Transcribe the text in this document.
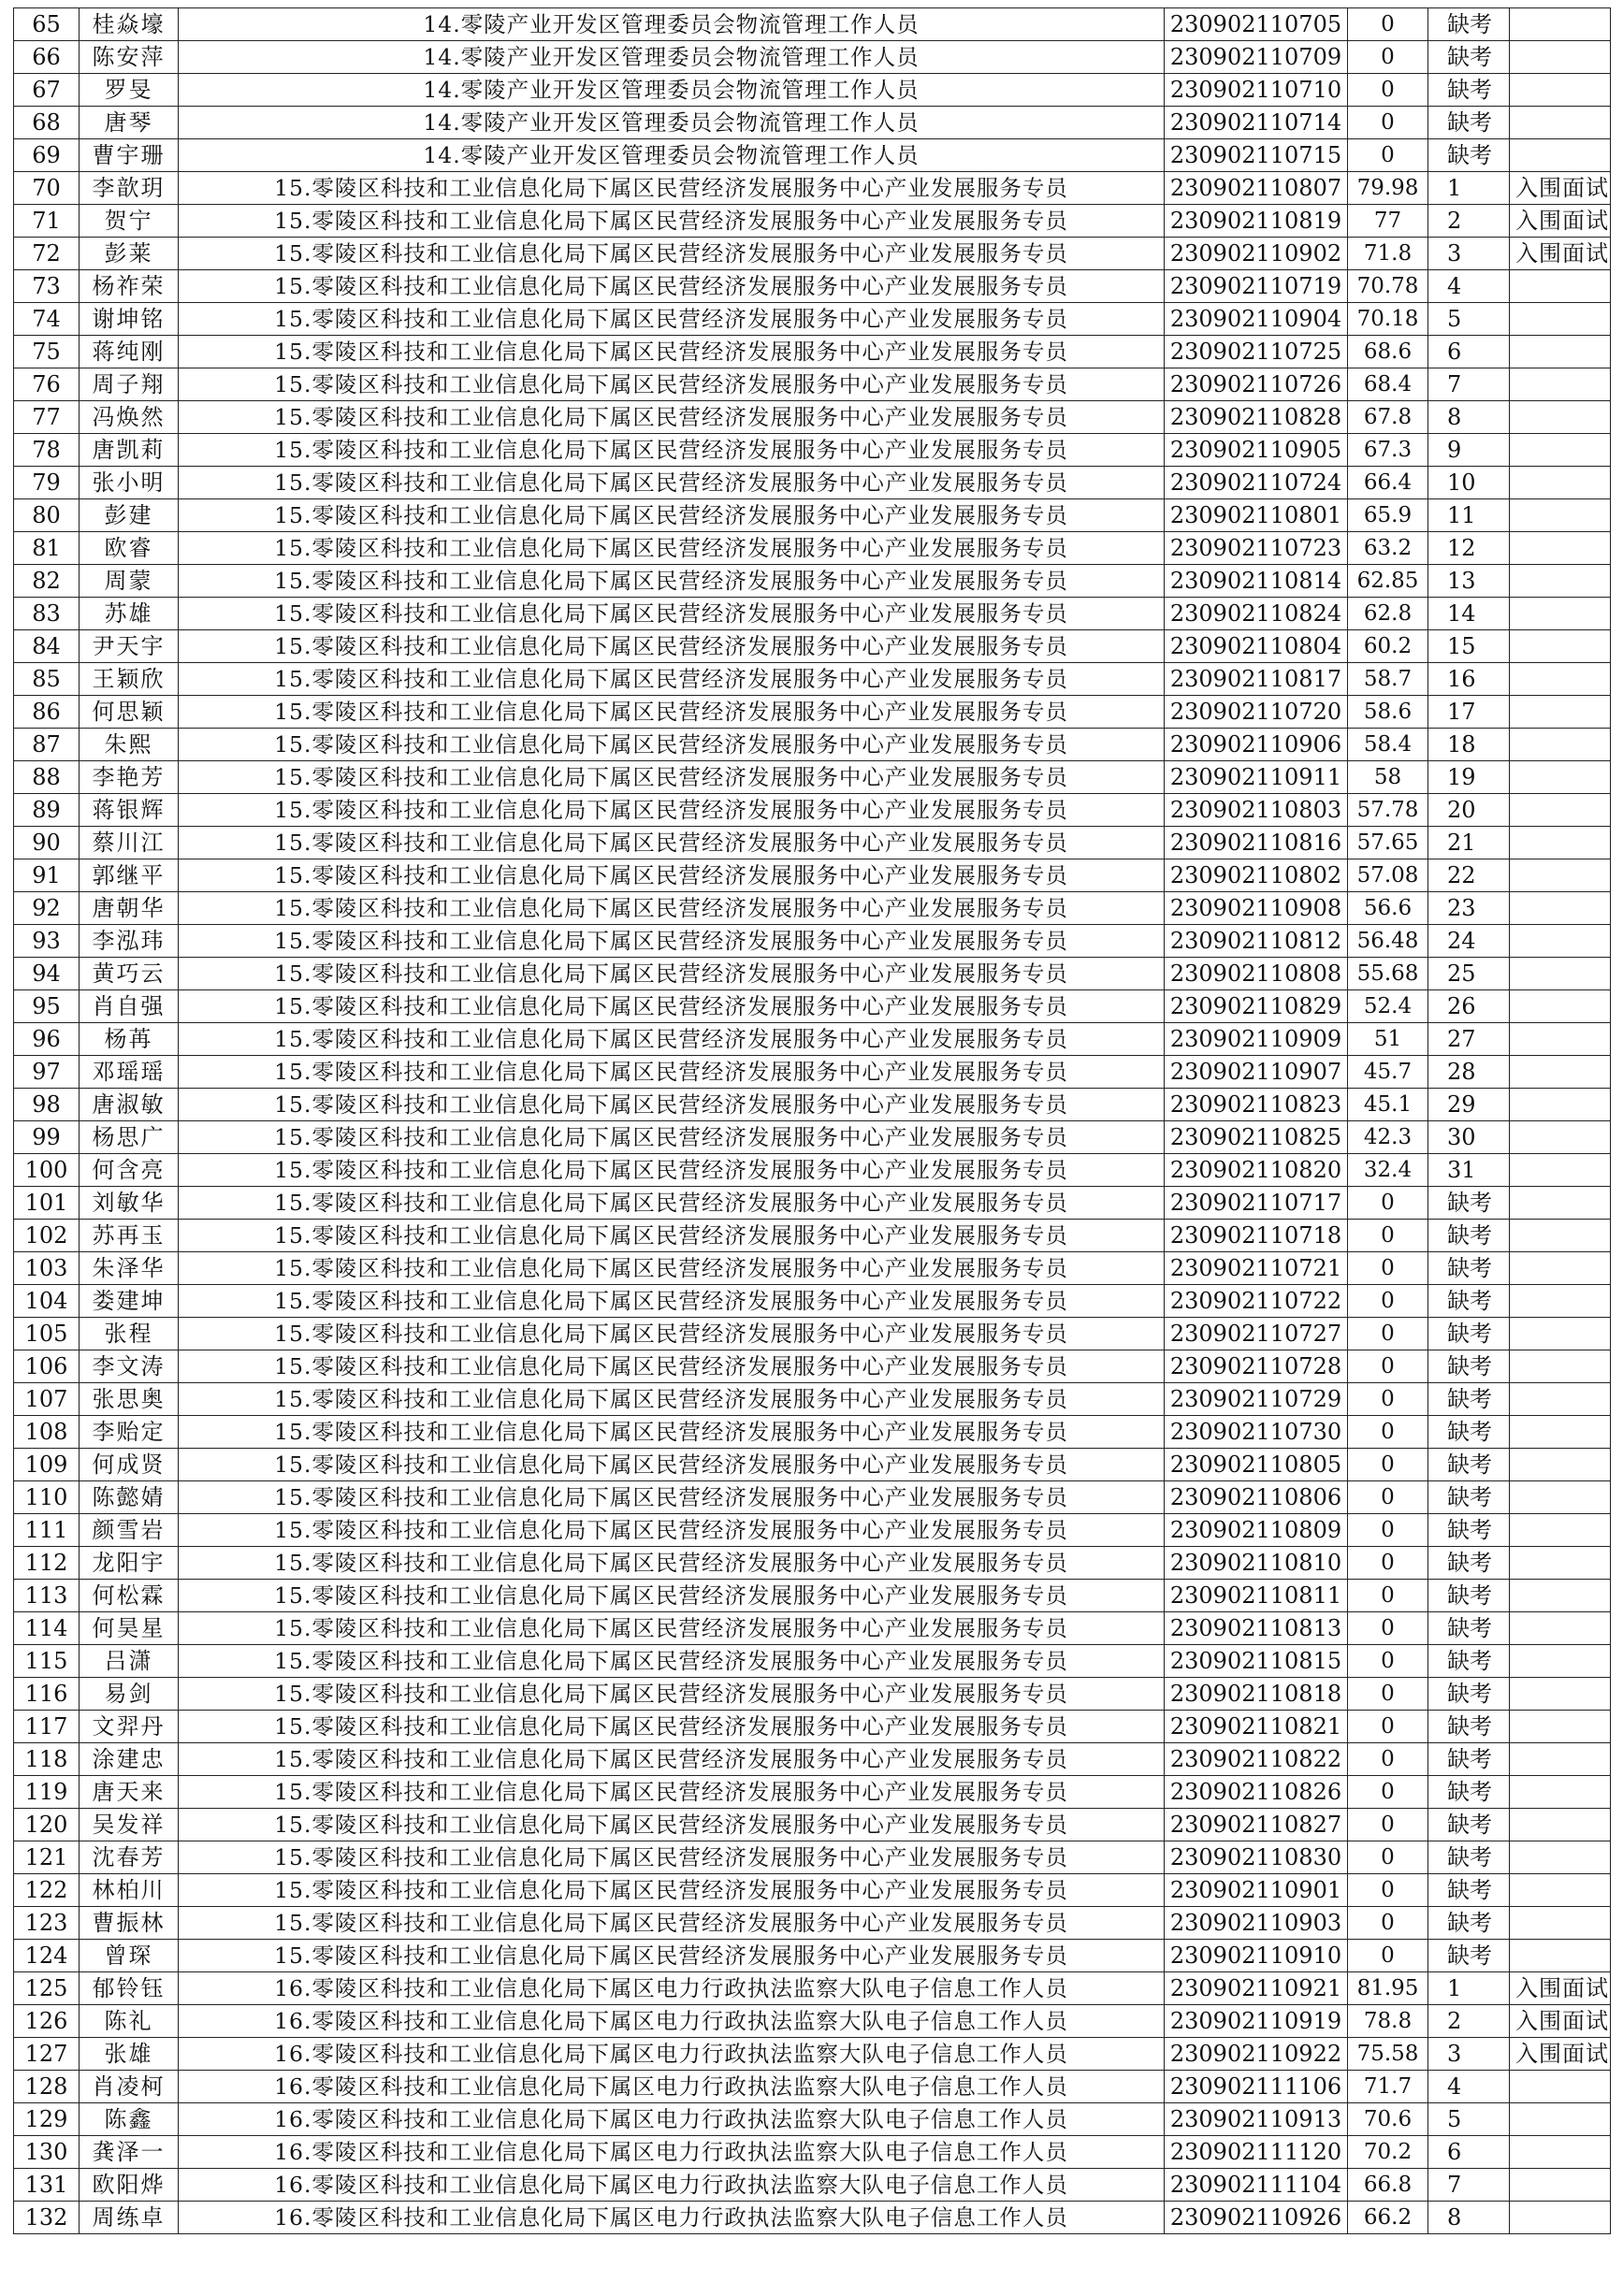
65	桂焱壕	14.零陵产业开发区管理委员会物流管理工作人员	230902110705	0	缺考	
66	陈安萍	14.零陵产业开发区管理委员会物流管理工作人员	230902110709	0	缺考	
67	罗旻	14.零陵产业开发区管理委员会物流管理工作人员	230902110710	0	缺考	
68	唐琴	14.零陵产业开发区管理委员会物流管理工作人员	230902110714	0	缺考	
69	曹宇珊	14.零陵产业开发区管理委员会物流管理工作人员	230902110715	0	缺考	
70	李歆玥	15.零陵区科技和工业信息化局下属区民营经济发展服务中心产业发展服务专员	230902110807	79.98	1	入围面试
71	贺宁	15.零陵区科技和工业信息化局下属区民营经济发展服务中心产业发展服务专员	230902110819	77	2	入围面试
72	彭莱	15.零陵区科技和工业信息化局下属区民营经济发展服务中心产业发展服务专员	230902110902	71.8	3	入围面试
73	杨祚荣	15.零陵区科技和工业信息化局下属区民营经济发展服务中心产业发展服务专员	230902110719	70.78	4	
74	谢坤铭	15.零陵区科技和工业信息化局下属区民营经济发展服务中心产业发展服务专员	230902110904	70.18	5	
75	蒋纯刚	15.零陵区科技和工业信息化局下属区民营经济发展服务中心产业发展服务专员	230902110725	68.6	6	
76	周子翔	15.零陵区科技和工业信息化局下属区民营经济发展服务中心产业发展服务专员	230902110726	68.4	7	
77	冯焕然	15.零陵区科技和工业信息化局下属区民营经济发展服务中心产业发展服务专员	230902110828	67.8	8	
78	唐凯莉	15.零陵区科技和工业信息化局下属区民营经济发展服务中心产业发展服务专员	230902110905	67.3	9	
79	张小明	15.零陵区科技和工业信息化局下属区民营经济发展服务中心产业发展服务专员	230902110724	66.4	10	
80	彭建	15.零陵区科技和工业信息化局下属区民营经济发展服务中心产业发展服务专员	230902110801	65.9	11	
81	欧睿	15.零陵区科技和工业信息化局下属区民营经济发展服务中心产业发展服务专员	230902110723	63.2	12	
82	周蒙	15.零陵区科技和工业信息化局下属区民营经济发展服务中心产业发展服务专员	230902110814	62.85	13	
83	苏雄	15.零陵区科技和工业信息化局下属区民营经济发展服务中心产业发展服务专员	230902110824	62.8	14	
84	尹天宇	15.零陵区科技和工业信息化局下属区民营经济发展服务中心产业发展服务专员	230902110804	60.2	15	
85	王颖欣	15.零陵区科技和工业信息化局下属区民营经济发展服务中心产业发展服务专员	230902110817	58.7	16	
86	何思颖	15.零陵区科技和工业信息化局下属区民营经济发展服务中心产业发展服务专员	230902110720	58.6	17	
87	朱熙	15.零陵区科技和工业信息化局下属区民营经济发展服务中心产业发展服务专员	230902110906	58.4	18	
88	李艳芳	15.零陵区科技和工业信息化局下属区民营经济发展服务中心产业发展服务专员	230902110911	58	19	
89	蒋银辉	15.零陵区科技和工业信息化局下属区民营经济发展服务中心产业发展服务专员	230902110803	57.78	20	
90	蔡川江	15.零陵区科技和工业信息化局下属区民营经济发展服务中心产业发展服务专员	230902110816	57.65	21	
91	郭继平	15.零陵区科技和工业信息化局下属区民营经济发展服务中心产业发展服务专员	230902110802	57.08	22	
92	唐朝华	15.零陵区科技和工业信息化局下属区民营经济发展服务中心产业发展服务专员	230902110908	56.6	23	
93	李泓玮	15.零陵区科技和工业信息化局下属区民营经济发展服务中心产业发展服务专员	230902110812	56.48	24	
94	黄巧云	15.零陵区科技和工业信息化局下属区民营经济发展服务中心产业发展服务专员	230902110808	55.68	25	
95	肖自强	15.零陵区科技和工业信息化局下属区民营经济发展服务中心产业发展服务专员	230902110829	52.4	26	
96	杨苒	15.零陵区科技和工业信息化局下属区民营经济发展服务中心产业发展服务专员	230902110909	51	27	
97	邓瑶瑶	15.零陵区科技和工业信息化局下属区民营经济发展服务中心产业发展服务专员	230902110907	45.7	28	
98	唐淑敏	15.零陵区科技和工业信息化局下属区民营经济发展服务中心产业发展服务专员	230902110823	45.1	29	
99	杨思广	15.零陵区科技和工业信息化局下属区民营经济发展服务中心产业发展服务专员	230902110825	42.3	30	
100	何含亮	15.零陵区科技和工业信息化局下属区民营经济发展服务中心产业发展服务专员	230902110820	32.4	31	
101	刘敏华	15.零陵区科技和工业信息化局下属区民营经济发展服务中心产业发展服务专员	230902110717	0	缺考	
102	苏再玉	15.零陵区科技和工业信息化局下属区民营经济发展服务中心产业发展服务专员	230902110718	0	缺考	
103	朱泽华	15.零陵区科技和工业信息化局下属区民营经济发展服务中心产业发展服务专员	230902110721	0	缺考	
104	娄建坤	15.零陵区科技和工业信息化局下属区民营经济发展服务中心产业发展服务专员	230902110722	0	缺考	
105	张程	15.零陵区科技和工业信息化局下属区民营经济发展服务中心产业发展服务专员	230902110727	0	缺考	
106	李文涛	15.零陵区科技和工业信息化局下属区民营经济发展服务中心产业发展服务专员	230902110728	0	缺考	
107	张思奥	15.零陵区科技和工业信息化局下属区民营经济发展服务中心产业发展服务专员	230902110729	0	缺考	
108	李贻定	15.零陵区科技和工业信息化局下属区民营经济发展服务中心产业发展服务专员	230902110730	0	缺考	
109	何成贤	15.零陵区科技和工业信息化局下属区民营经济发展服务中心产业发展服务专员	230902110805	0	缺考	
110	陈懿婧	15.零陵区科技和工业信息化局下属区民营经济发展服务中心产业发展服务专员	230902110806	0	缺考	
111	颜雪岩	15.零陵区科技和工业信息化局下属区民营经济发展服务中心产业发展服务专员	230902110809	0	缺考	
112	龙阳宇	15.零陵区科技和工业信息化局下属区民营经济发展服务中心产业发展服务专员	230902110810	0	缺考	
113	何松霖	15.零陵区科技和工业信息化局下属区民营经济发展服务中心产业发展服务专员	230902110811	0	缺考	
114	何昊星	15.零陵区科技和工业信息化局下属区民营经济发展服务中心产业发展服务专员	230902110813	0	缺考	
115	吕潇	15.零陵区科技和工业信息化局下属区民营经济发展服务中心产业发展服务专员	230902110815	0	缺考	
116	易剑	15.零陵区科技和工业信息化局下属区民营经济发展服务中心产业发展服务专员	230902110818	0	缺考	
117	文羿丹	15.零陵区科技和工业信息化局下属区民营经济发展服务中心产业发展服务专员	230902110821	0	缺考	
118	涂建忠	15.零陵区科技和工业信息化局下属区民营经济发展服务中心产业发展服务专员	230902110822	0	缺考	
119	唐天来	15.零陵区科技和工业信息化局下属区民营经济发展服务中心产业发展服务专员	230902110826	0	缺考	
120	吴发祥	15.零陵区科技和工业信息化局下属区民营经济发展服务中心产业发展服务专员	230902110827	0	缺考	
121	沈春芳	15.零陵区科技和工业信息化局下属区民营经济发展服务中心产业发展服务专员	230902110830	0	缺考	
122	林柏川	15.零陵区科技和工业信息化局下属区民营经济发展服务中心产业发展服务专员	230902110901	0	缺考	
123	曹振林	15.零陵区科技和工业信息化局下属区民营经济发展服务中心产业发展服务专员	230902110903	0	缺考	
124	曾琛	15.零陵区科技和工业信息化局下属区民营经济发展服务中心产业发展服务专员	230902110910	0	缺考	
125	郁铃钰	16.零陵区科技和工业信息化局下属区电力行政执法监察大队电子信息工作人员	230902110921	81.95	1	入围面试
126	陈礼	16.零陵区科技和工业信息化局下属区电力行政执法监察大队电子信息工作人员	230902110919	78.8	2	入围面试
127	张雄	16.零陵区科技和工业信息化局下属区电力行政执法监察大队电子信息工作人员	230902110922	75.58	3	入围面试
128	肖凌柯	16.零陵区科技和工业信息化局下属区电力行政执法监察大队电子信息工作人员	230902111106	71.7	4	
129	陈鑫	16.零陵区科技和工业信息化局下属区电力行政执法监察大队电子信息工作人员	230902110913	70.6	5	
130	龚泽一	16.零陵区科技和工业信息化局下属区电力行政执法监察大队电子信息工作人员	230902111120	70.2	6	
131	欧阳烨	16.零陵区科技和工业信息化局下属区电力行政执法监察大队电子信息工作人员	230902111104	66.8	7	
132	周练卓	16.零陵区科技和工业信息化局下属区电力行政执法监察大队电子信息工作人员	230902110926	66.2	8	
